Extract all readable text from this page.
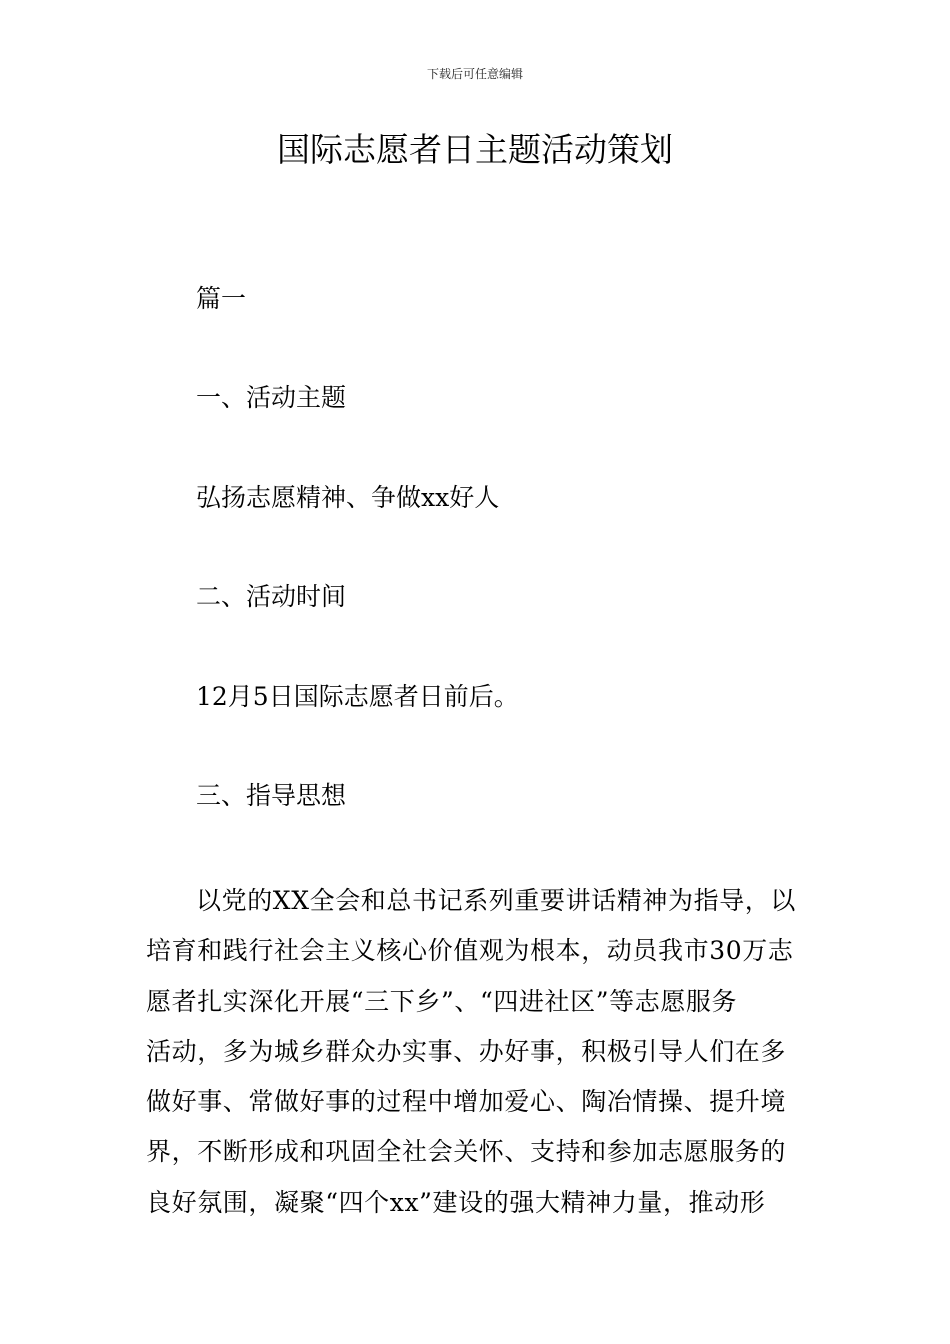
下载后可任意编辑
国际志愿者日主题活动策划

篇一

一、活动主题

弘扬志愿精神、争做xx好人

二、活动时间

12月5日国际志愿者日前后。

三、指导思想

以党的XX全会和总书记系列重要讲话精神为指导，以
培育和践行社会主义核心价值观为根本，动员我市30万志
愿者扎实深化开展“三下乡”、“四进社区”等志愿服务
活动，多为城乡群众办实事、办好事，积极引导人们在多
做好事、常做好事的过程中增加爱心、陶冶情操、提升境
界，不断形成和巩固全社会关怀、支持和参加志愿服务的
良好氛围，凝聚“四个xx”建设的强大精神力量，推动形
